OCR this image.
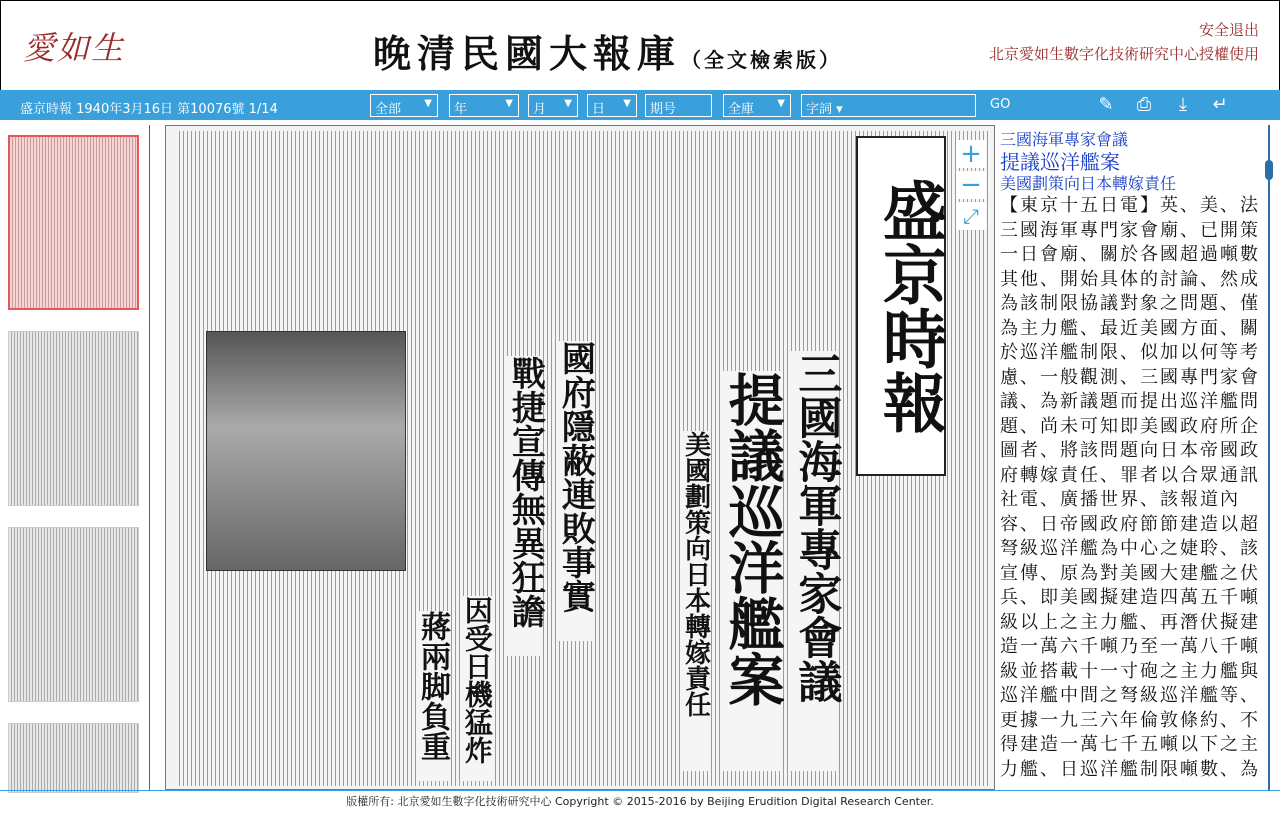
愛如生	晚清民國大報庫（全文檢索版）
安全退出
北京愛如生數字化技術研究中心授權使用
盛京時報 1940年3月16日 第10076號 1/14	全部 ▼	年	▼	月 ▼	日 ▼	期号	全庫 ▼	字詞 ▾	GO	✎ ⎙	⤓	↵
盛京時報
三國海軍專家會議
提議巡洋艦案
美國劃策向日本轉嫁責任
國府隱蔽連敗事實
戰捷宣傳無異狂譫
蔣兩脚負重 因受日機猛炸
+
−
⤢
三國海軍專家會議
提議巡洋艦案
美國劃策向日本轉嫁責任
【東京十五日電】英、美、法
三國海軍專門家會廟、已開策
一日會廟、關於各國超過噸數
其他、開始具体的討論、然成
為該制限協議對象之問題、僅
為主力艦、最近美國方面、關
於巡洋艦制限、似加以何等考
慮、一般觀測、三國專門家會
議、為新議題而提出巡洋艦問
題、尚未可知即美國政府所企
圖者、將該問題向日本帝國政
府轉嫁責任、罪者以合眾通訊
社電、廣播世界、該報道內
容、日帝國政府節節建造以超
弩級巡洋艦為中心之婕聆、該
宣傳、原為對美國大建艦之伏
兵、即美國擬建造四萬五千噸
級以上之主力艦、再潛伏擬建
造一萬六千噸乃至一萬八千噸
級並搭載十一寸砲之主力艦與
巡洋艦中間之弩級巡洋艦等、
更據一九三六年倫敦條約、不
得建造一萬七千五噸以下之主
力艦、日巡洋艦制限噸數、為
版權所有: 北京愛如生數字化技術研究中心 Copyright © 2015-2016 by Beijing Erudition Digital Research Center.
